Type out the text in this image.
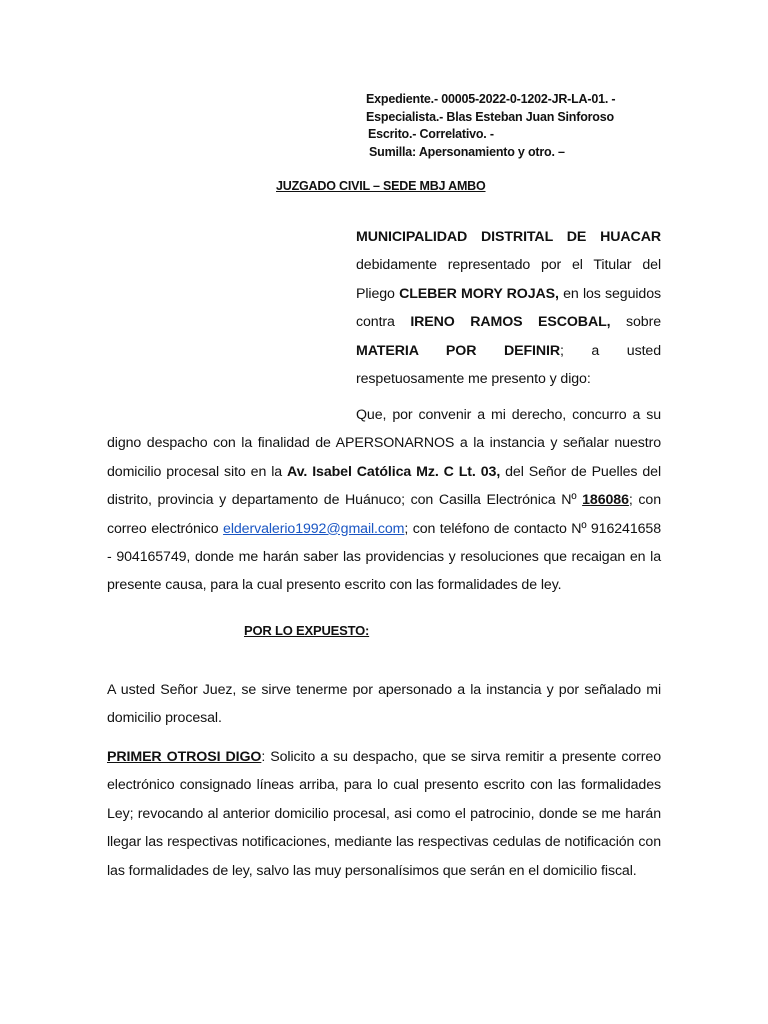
Expediente.- 00005-2022-0-1202-JR-LA-01. -
Especialista.- Blas Esteban Juan Sinforoso
Escrito.- Correlativo. -
Sumilla: Apersonamiento y otro. –
JUZGADO CIVIL – SEDE MBJ AMBO
MUNICIPALIDAD DISTRITAL DE HUACAR debidamente representado por el Titular del Pliego CLEBER MORY ROJAS, en los seguidos contra IRENO RAMOS ESCOBAL, sobre MATERIA POR DEFINIR; a usted respetuosamente me presento y digo:
Que, por convenir a mi derecho, concurro a su digno despacho con la finalidad de APERSONARNOS a la instancia y señalar nuestro domicilio procesal sito en la Av. Isabel Católica Mz. C Lt. 03, del Señor de Puelles del distrito, provincia y departamento de Huánuco; con Casilla Electrónica Nº 186086; con correo electrónico eldervalerio1992@gmail.com; con teléfono de contacto Nº 916241658 - 904165749, donde me harán saber las providencias y resoluciones que recaigan en la presente causa, para la cual presento escrito con las formalidades de ley.
POR LO EXPUESTO:
A usted Señor Juez, se sirve tenerme por apersonado a la instancia y por señalado mi domicilio procesal.
PRIMER OTROSI DIGO: Solicito a su despacho, que se sirva remitir a presente correo electrónico consignado líneas arriba, para lo cual presento escrito con las formalidades Ley; revocando al anterior domicilio procesal, asi como el patrocinio, donde se me harán llegar las respectivas notificaciones, mediante las respectivas cedulas de notificación con las formalidades de ley, salvo las muy personalísimos que serán en el domicilio fiscal.
